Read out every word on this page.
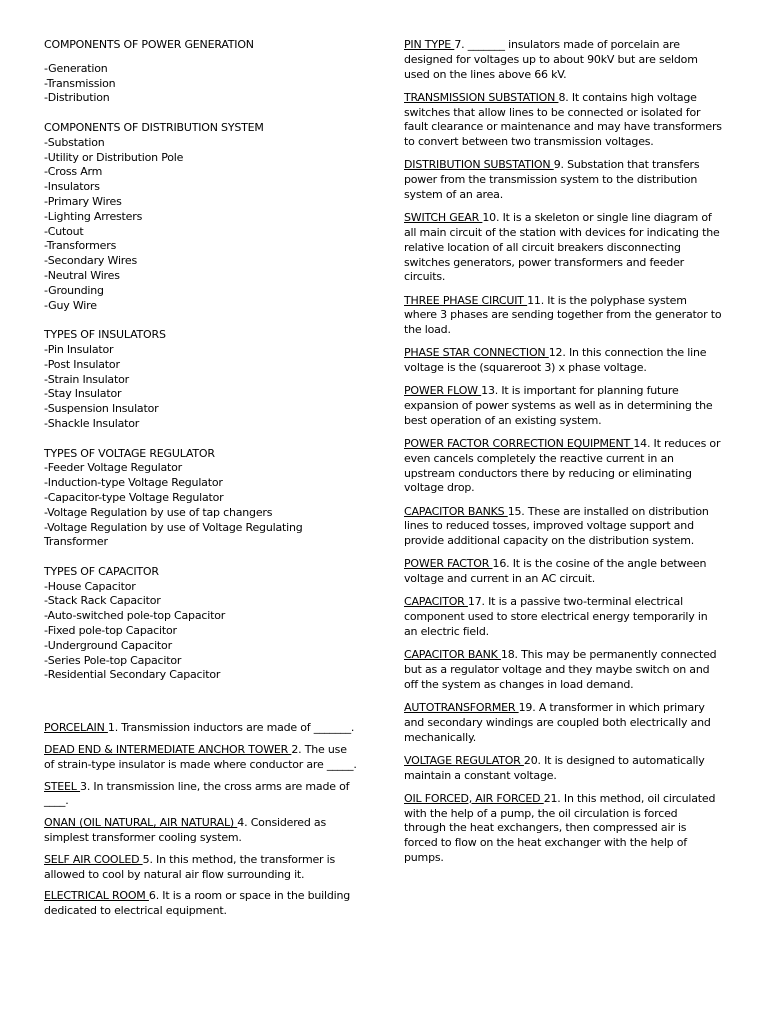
COMPONENTS OF POWER GENERATION
-Generation
-Transmission
-Distribution
COMPONENTS OF DISTRIBUTION SYSTEM
-Substation
-Utility or Distribution Pole
-Cross Arm
-Insulators
-Primary Wires
-Lighting Arresters
-Cutout
-Transformers
-Secondary Wires
-Neutral Wires
-Grounding
-Guy Wire
TYPES OF INSULATORS
-Pin Insulator
-Post Insulator
-Strain Insulator
-Stay Insulator
-Suspension Insulator
-Shackle Insulator
TYPES OF VOLTAGE REGULATOR
-Feeder Voltage Regulator
-Induction-type Voltage Regulator
-Capacitor-type Voltage Regulator
-Voltage Regulation by use of tap changers
-Voltage Regulation by use of Voltage Regulating Transformer
TYPES OF CAPACITOR
-House Capacitor
-Stack Rack Capacitor
-Auto-switched pole-top Capacitor
-Fixed pole-top Capacitor
-Underground Capacitor
-Series Pole-top Capacitor
-Residential Secondary Capacitor

PORCELAIN 1. Transmission inductors are made of _______.

DEAD END & INTERMEDIATE ANCHOR TOWER 2. The use of strain-type insulator is made where conductor are _____.

STEEL 3. In transmission line, the cross arms are made of ____.

ONAN (OIL NATURAL, AIR NATURAL) 4. Considered as simplest transformer cooling system.

SELF AIR COOLED 5. In this method, the transformer is allowed to cool by natural air flow surrounding it.

ELECTRICAL ROOM 6. It is a room or space in the building dedicated to electrical equipment.

PIN TYPE 7. _______ insulators made of porcelain are designed for voltages up to about 90kV but are seldom used on the lines above 66 kV.

TRANSMISSION SUBSTATION 8. It contains high voltage switches that allow lines to be connected or isolated for fault clearance or maintenance and may have transformers to convert between two transmission voltages.

DISTRIBUTION SUBSTATION 9. Substation that transfers power from the transmission system to the distribution system of an area.

SWITCH GEAR 10. It is a skeleton or single line diagram of all main circuit of the station with devices for indicating the relative location of all circuit breakers disconnecting switches generators, power transformers and feeder circuits.

THREE PHASE CIRCUIT 11. It is the polyphase system where 3 phases are sending together from the generator to the load.

PHASE STAR CONNECTION 12. In this connection the line voltage is the (squareroot 3) x phase voltage.

POWER FLOW 13. It is important for planning future expansion of power systems as well as in determining the best operation of an existing system.

POWER FACTOR CORRECTION EQUIPMENT 14. It reduces or even cancels completely the reactive current in an upstream conductors there by reducing or eliminating voltage drop.

CAPACITOR BANKS 15. These are installed on distribution lines to reduced tosses, improved voltage support and provide additional capacity on the distribution system.

POWER FACTOR 16. It is the cosine of the angle between voltage and current in an AC circuit.

CAPACITOR 17. It is a passive two-terminal electrical component used to store electrical energy temporarily in an electric field.

CAPACITOR BANK 18. This may be permanently connected but as a regulator voltage and they maybe switch on and off the system as changes in load demand.

AUTOTRANSFORMER 19. A transformer in which primary and secondary windings are coupled both electrically and mechanically.

VOLTAGE REGULATOR 20. It is designed to automatically maintain a constant voltage.

OIL FORCED, AIR FORCED 21. In this method, oil circulated with the help of a pump, the oil circulation is forced through the heat exchangers, then compressed air is forced to flow on the heat exchanger with the help of pumps.
